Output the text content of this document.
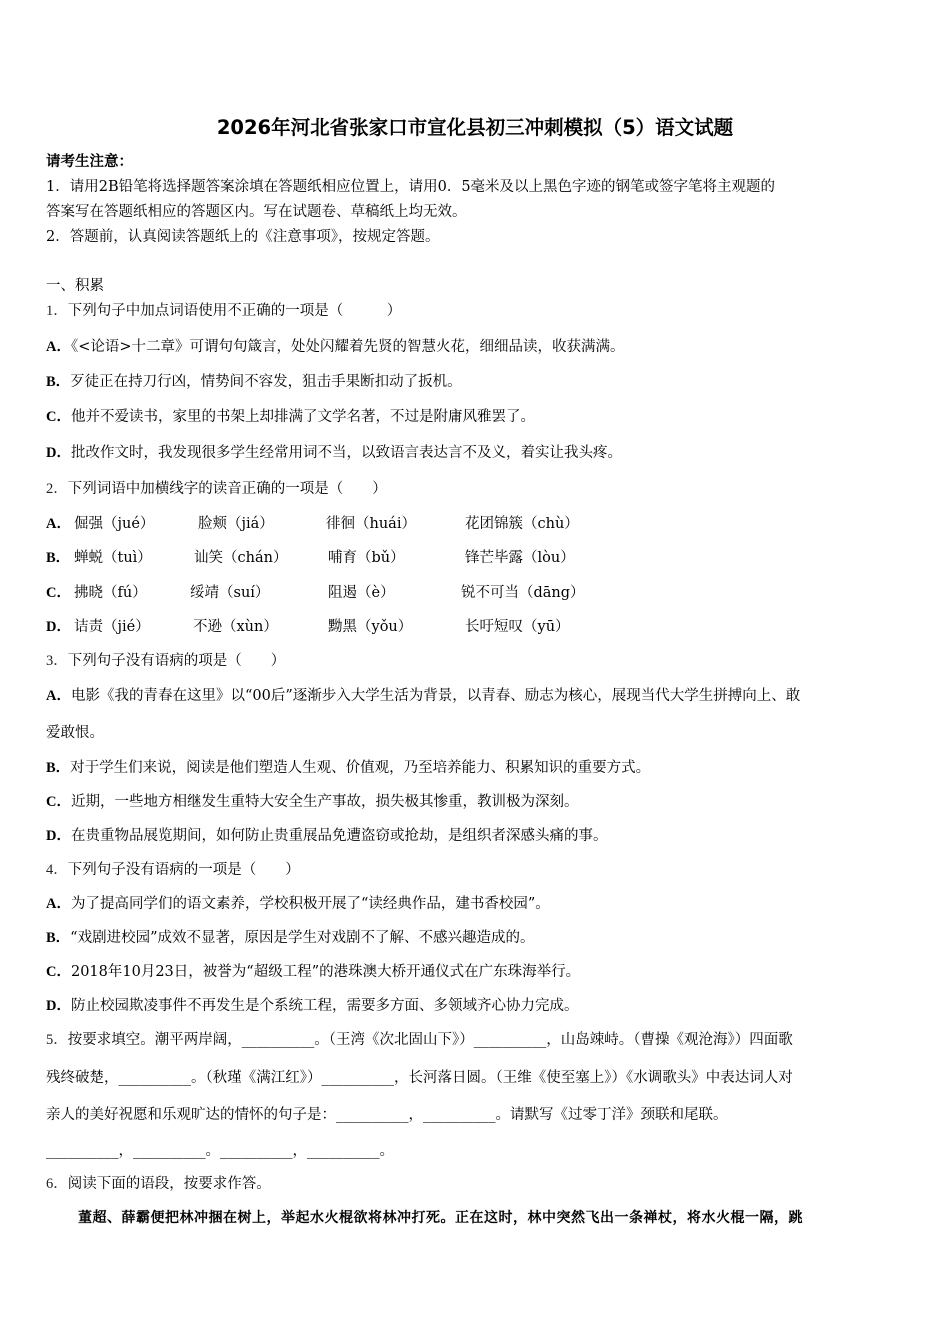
2026年河北省张家口市宣化县初三冲刺模拟（5）语文试题
请考生注意：
1．请用2B铅笔将选择题答案涂填在答题纸相应位置上，请用0．5毫米及以上黑色字迹的钢笔或签字笔将主观题的
答案写在答题纸相应的答题区内。写在试题卷、草稿纸上均无效。
2．答题前，认真阅读答题纸上的《注意事项》，按规定答题。
一、积累
1．下列句子中加点词语使用不正确的一项是（　　　）
A．《<论语>十二章》可谓句句箴言，处处闪耀着先贤的智慧火花，细细品读，收获满满。
B．歹徒正在持刀行凶，情势间不容发，狙击手果断扣动了扳机。
C．他并不爱读书，家里的书架上却排满了文学名著，不过是附庸风雅罢了。
D．批改作文时，我发现很多学生经常用词不当，以致语言表达言不及义，着实让我头疼。
2．下列词语中加横线字的读音正确的一项是（　　）
A． 倔强（jué）	脸颊（jiá）	徘徊（huái）	花团锦簇（chù）
B． 蝉蜕（tuì）	讪笑（chán）	哺育（bǔ）	锋芒毕露（lòu）
C． 拂晓（fú）	绥靖（suí）	阻遏（è）	锐不可当（dāng）
D． 诘责（jié）	不逊（xùn）	黝黑（yǒu）	长吁短叹（yū）
3．下列句子没有语病的项是（　　）
A．电影《我的青春在这里》以“00后”逐渐步入大学生活为背景，以青春、励志为核心，展现当代大学生拼搏向上、敢
爱敢恨。
B．对于学生们来说，阅读是他们塑造人生观、价值观，乃至培养能力、积累知识的重要方式。
C．近期，一些地方相继发生重特大安全生产事故，损失极其惨重，教训极为深刻。
D．在贵重物品展览期间，如何防止贵重展品免遭盗窃或抢劫，是组织者深感头痛的事。
4．下列句子没有语病的一项是（　　）
A．为了提高同学们的语文素养，学校积极开展了“读经典作品，建书香校园”。
B．“戏剧进校园”成效不显著，原因是学生对戏剧不了解、不感兴趣造成的。
C．2018年10月23日，被誉为“超级工程”的港珠澳大桥开通仪式在广东珠海举行。
D．防止校园欺凌事件不再发生是个系统工程，需要多方面、多领域齐心协力完成。
5．按要求填空。潮平两岸阔，__________。（王湾《次北固山下》）__________，山岛竦峙。（曹操《观沧海》）四面歌
残终破楚，__________。（秋瑾《满江红》）__________，长河落日圆。（王维《使至塞上》）《水调歌头》中表达词人对
亲人的美好祝愿和乐观旷达的情怀的句子是：__________，__________。请默写《过零丁洋》颈联和尾联。
__________，__________。__________，__________。
6．阅读下面的语段，按要求作答。
董超、薛霸便把林冲捆在树上，举起水火棍欲将林冲打死。正在这时，林中突然飞出一条禅杖，将水火棍一隔，跳
